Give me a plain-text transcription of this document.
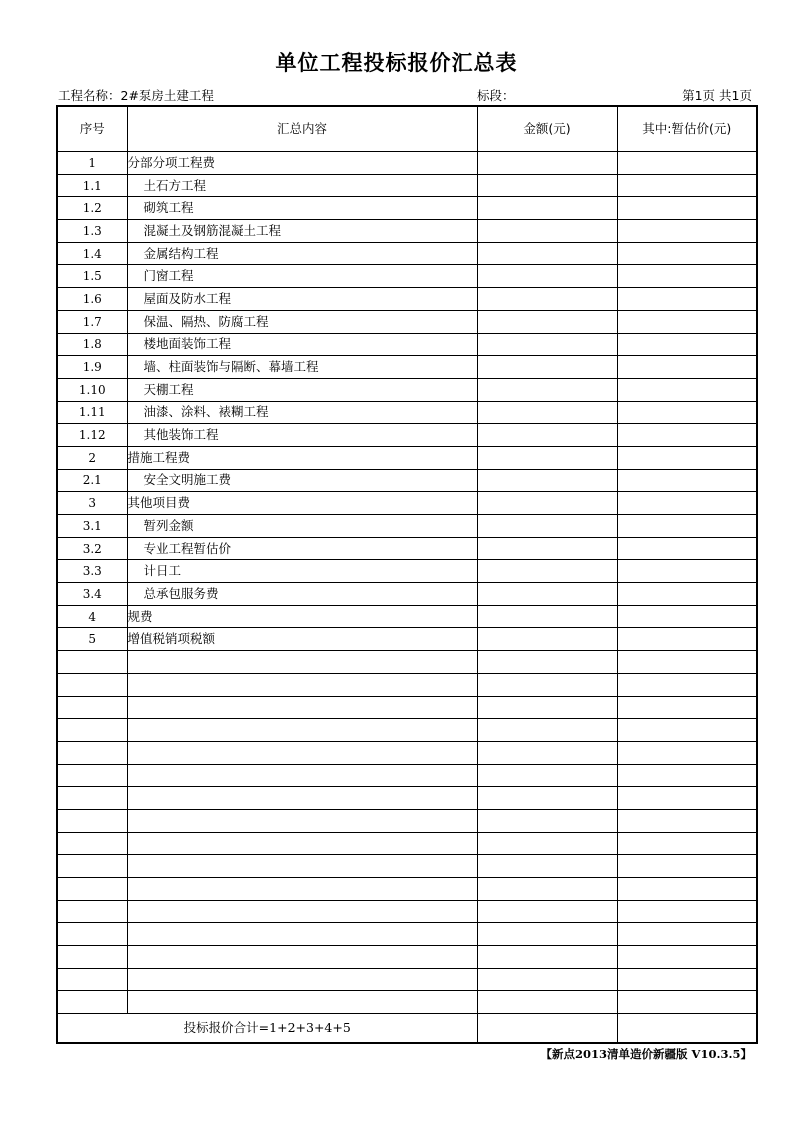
单位工程投标报价汇总表
工程名称：2#泵房土建工程	标段：	第1页 共1页
序号	汇总内容	金额(元)	其中:暂估价(元)
1	分部分项工程费		
1.1	土石方工程		
1.2	砌筑工程		
1.3	混凝土及钢筋混凝土工程		
1.4	金属结构工程		
1.5	门窗工程		
1.6	屋面及防水工程		
1.7	保温、隔热、防腐工程		
1.8	楼地面装饰工程		
1.9	墙、柱面装饰与隔断、幕墙工程		
1.10	天棚工程		
1.11	油漆、涂料、裱糊工程		
1.12	其他装饰工程		
2	措施工程费		
2.1	安全文明施工费		
3	其他项目费		
3.1	暂列金额		
3.2	专业工程暂估价		
3.3	计日工		
3.4	总承包服务费		
4	规费		
5	增值税销项税额		

投标报价合计=1+2+3+4+5			
【新点2013清单造价新疆版 V10.3.5】
